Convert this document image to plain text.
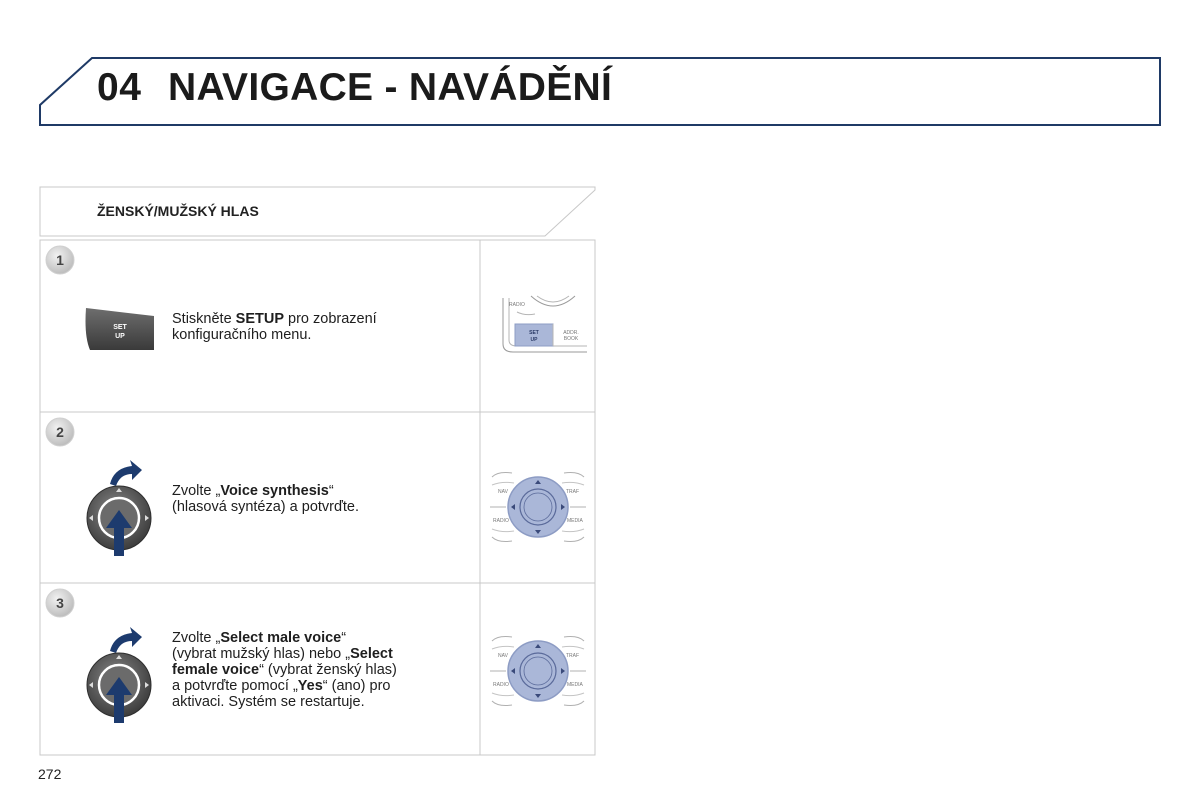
04 NAVIGACE - NAVÁDĚNÍ
ŽENSKÝ/MUŽSKÝ HLAS
1
SET
UP
Stiskněte SETUP pro zobrazení
konfiguračního menu.
RADIO
SET
UP
ADDR.
BOOK
2
Zvolte „Voice synthesis“
(hlasová syntéza) a potvrďte.
NAV	TRAF
RADIO	MEDIA
3
Zvolte „Select male voice“
(vybrat mužský hlas) nebo „Select
female voice“ (vybrat ženský hlas)
a potvrďte pomocí „Yes“ (ano) pro
aktivaci. Systém se restartuje.
NAV	TRAF
RADIO	MEDIA
272
